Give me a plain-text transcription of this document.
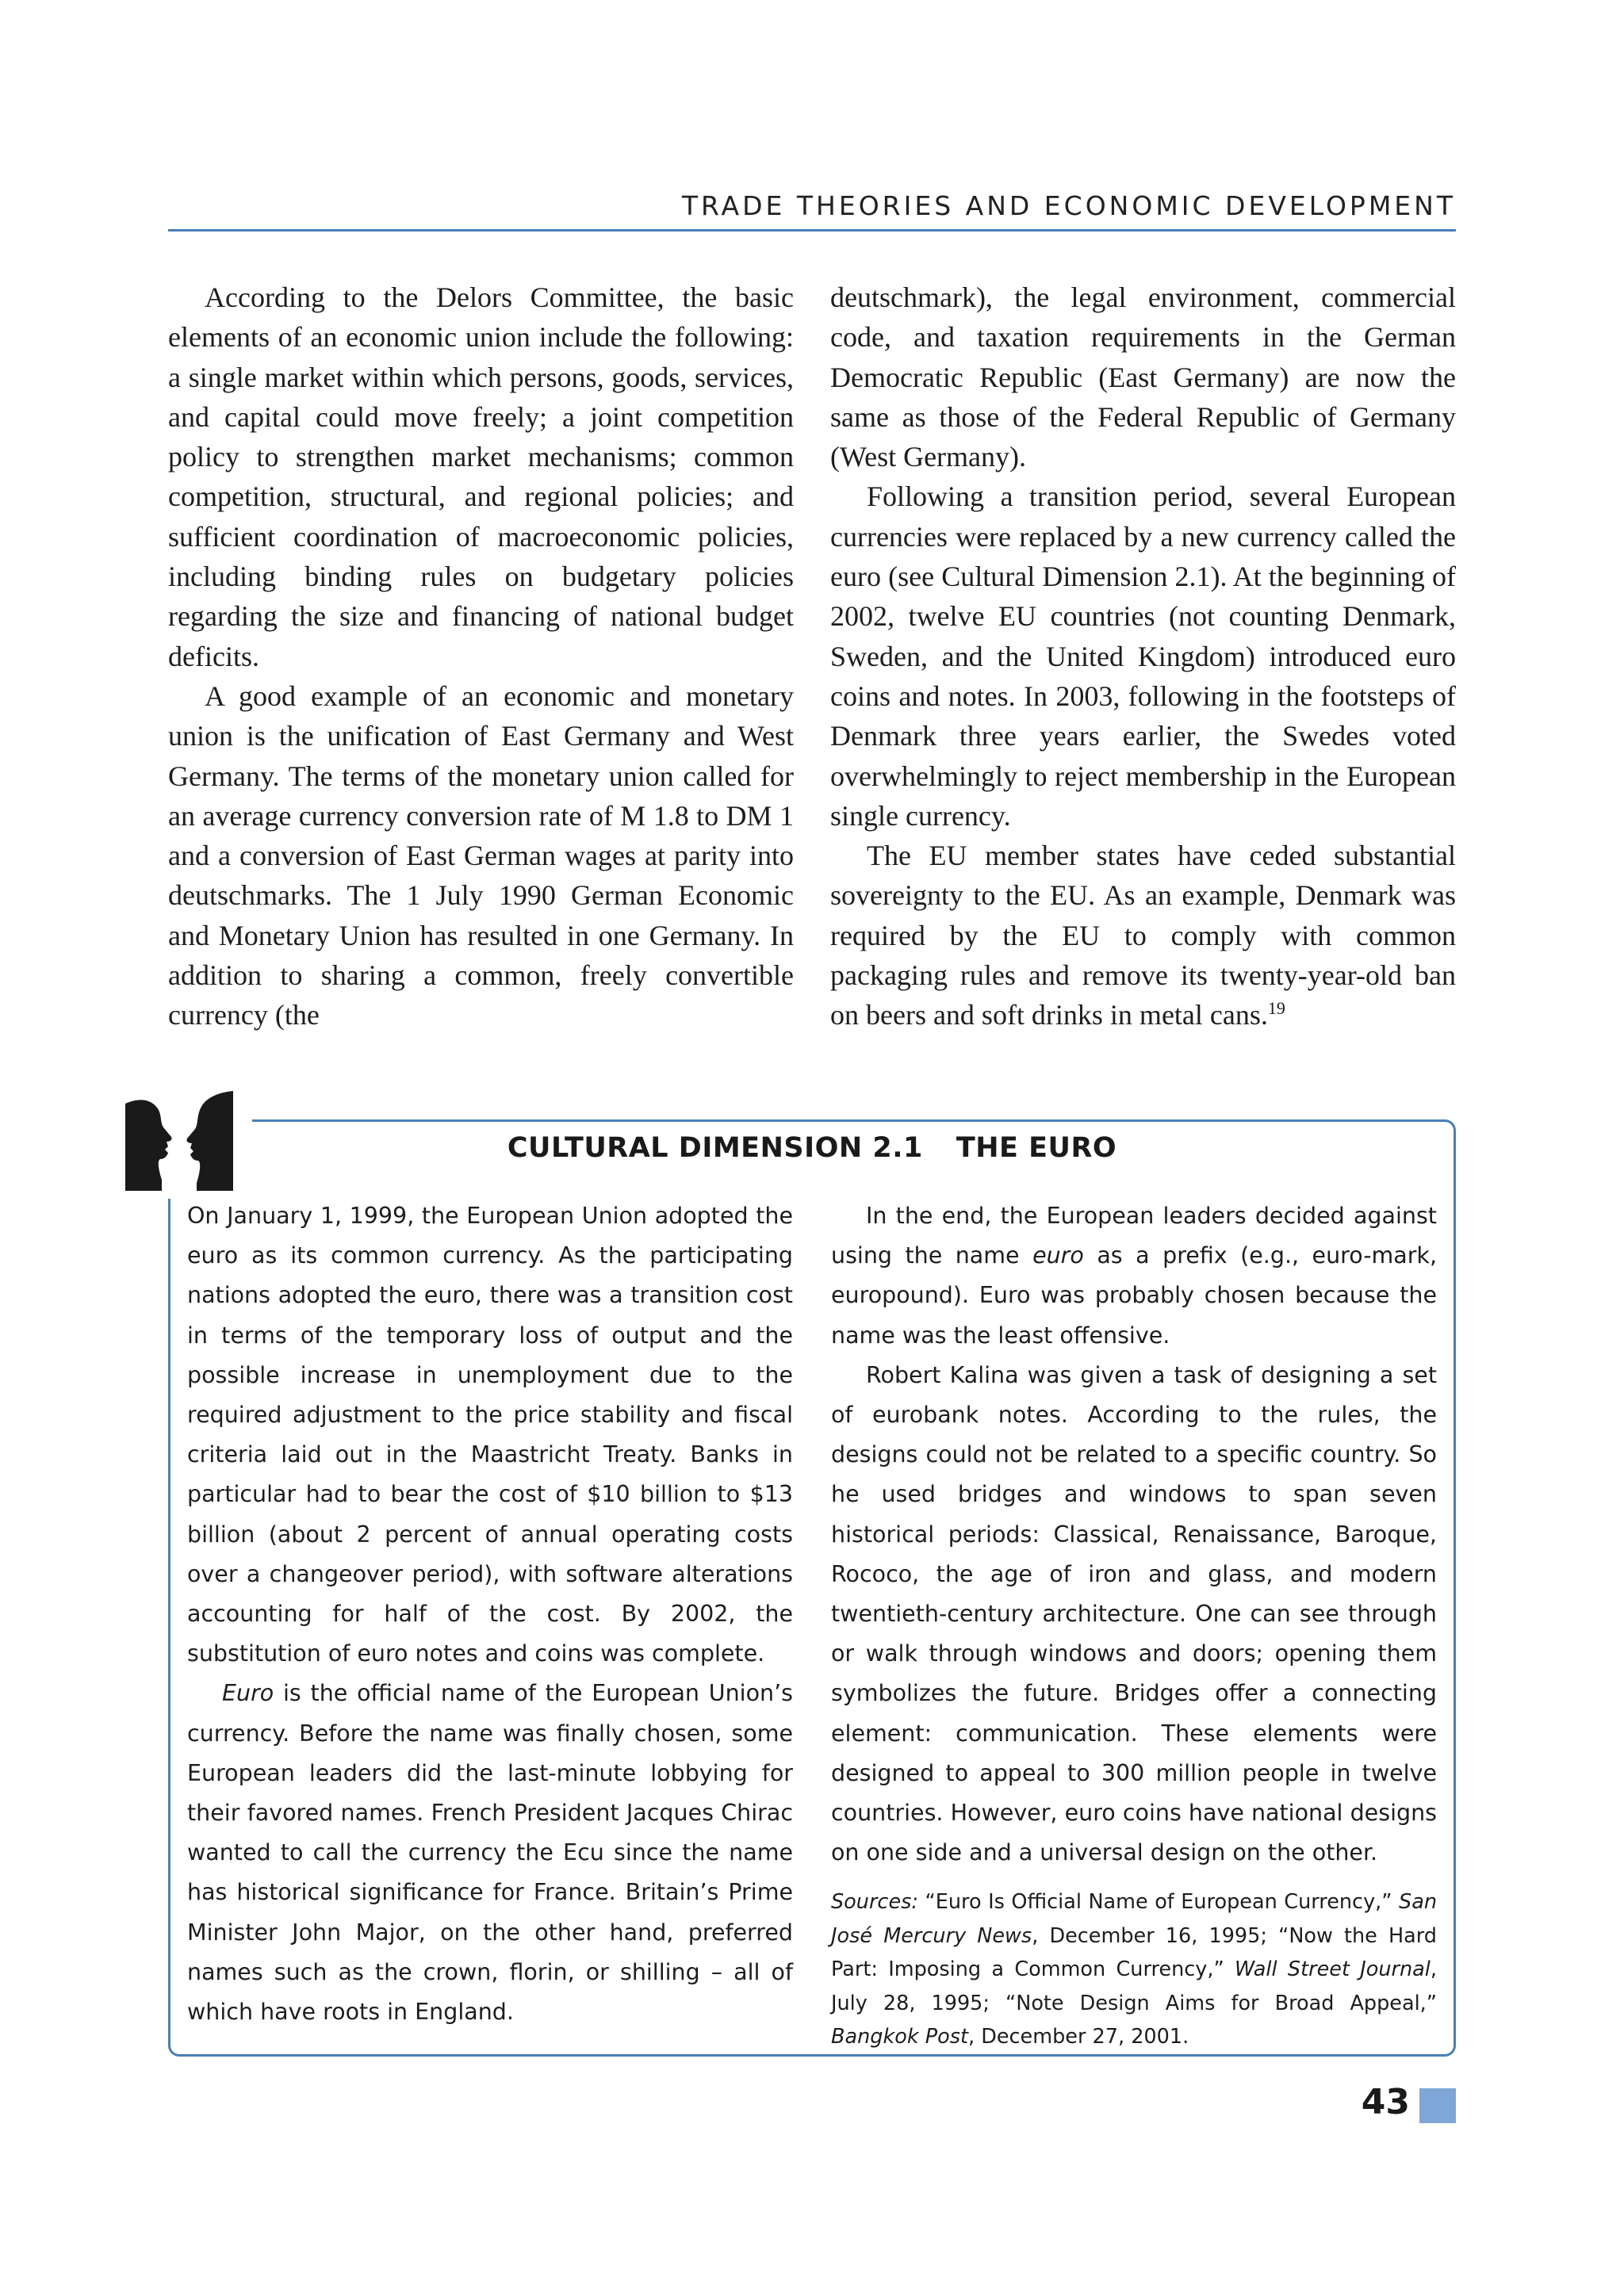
TRADE THEORIES AND ECONOMIC DEVELOPMENT

According to the Delors Committee, the basic elements of an economic union include the following: a single market within which persons, goods, services, and capital could move freely; a joint competition policy to strengthen market mechanisms; common competition, structural, and regional policies; and sufficient coordination of macroeconomic policies, including binding rules on budgetary policies regarding the size and financing of national budget deficits.

A good example of an economic and monetary union is the unification of East Germany and West Germany. The terms of the monetary union called for an average currency conversion rate of M 1.8 to DM 1 and a conversion of East German wages at parity into deutschmarks. The 1 July 1990 German Economic and Monetary Union has resulted in one Germany. In addition to sharing a common, freely convertible currency (the

deutschmark), the legal environment, commercial code, and taxation requirements in the German Democratic Republic (East Germany) are now the same as those of the Federal Republic of Germany (West Germany).

Following a transition period, several European currencies were replaced by a new currency called the euro (see Cultural Dimension 2.1). At the beginning of 2002, twelve EU countries (not counting Denmark, Sweden, and the United Kingdom) introduced euro coins and notes. In 2003, following in the footsteps of Denmark three years earlier, the Swedes voted overwhelmingly to reject membership in the European single currency.

The EU member states have ceded substantial sovereignty to the EU. As an example, Denmark was required by the EU to comply with common packaging rules and remove its twenty-year-old ban on beers and soft drinks in metal cans.$^{19}$

CULTURAL DIMENSION 2.1 THE EURO

On January 1, 1999, the European Union adopted the euro as its common currency. As the participating nations adopted the euro, there was a transition cost in terms of the temporary loss of output and the possible increase in unemployment due to the required adjustment to the price stability and fiscal criteria laid out in the Maastricht Treaty. Banks in particular had to bear the cost of $10 billion to $13 billion (about 2 percent of annual operating costs over a changeover period), with software alterations accounting for half of the cost. By 2002, the substitution of euro notes and coins was complete.

Euro is the official name of the European Union’s currency. Before the name was finally chosen, some European leaders did the last-minute lobbying for their favored names. French President Jacques Chirac wanted to call the currency the Ecu since the name has historical significance for France. Britain’s Prime Minister John Major, on the other hand, preferred names such as the crown, florin, or shilling – all of which have roots in England.

In the end, the European leaders decided against using the name euro as a prefix (e.g., euro-mark, europound). Euro was probably chosen because the name was the least offensive.

Robert Kalina was given a task of designing a set of eurobank notes. According to the rules, the designs could not be related to a specific country. So he used bridges and windows to span seven historical periods: Classical, Renaissance, Baroque, Rococo, the age of iron and glass, and modern twentieth-century architecture. One can see through or walk through windows and doors; opening them symbolizes the future. Bridges offer a connecting element: communication. These elements were designed to appeal to 300 million people in twelve countries. However, euro coins have national designs on one side and a universal design on the other.

Sources: “Euro Is Official Name of European Currency,” San José Mercury News, December 16, 1995; “Now the Hard Part: Imposing a Common Currency,” Wall Street Journal, July 28, 1995; “Note Design Aims for Broad Appeal,” Bangkok Post, December 27, 2001.

43
